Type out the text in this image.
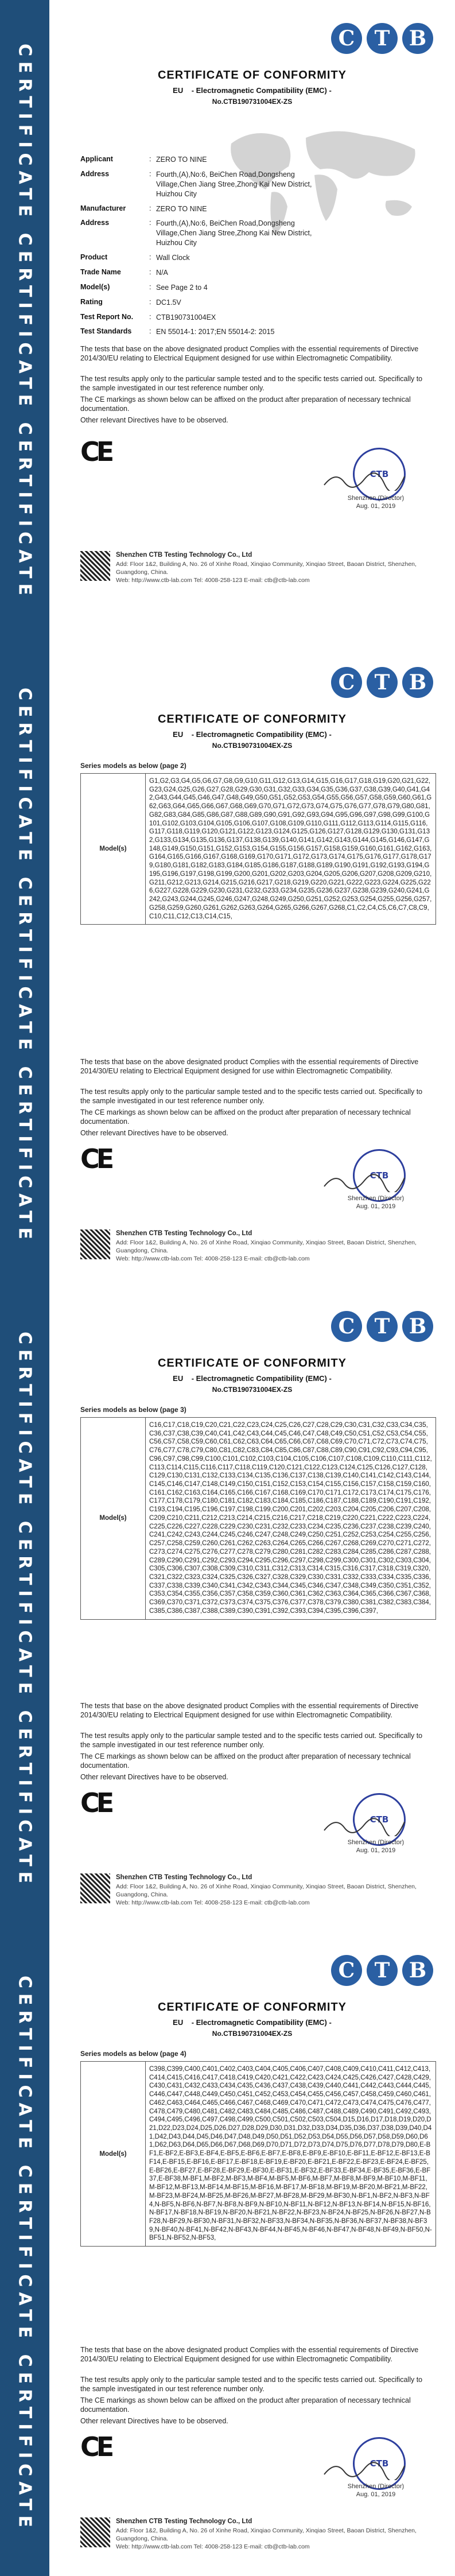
CERTIFICATE CERTIFICATE CERTIFICATE
C T B
CERTIFICATE OF CONFORMITY
EU - Electromagnetic Compatibility (EMC) -
No.CTB190731004EX-ZS
Applicant	: ZERO TO NINE
Address	: Fourth,(A),No:6, BeiChen Road,Dongsheng Village,Chen Jiang Stree,Zhong Kai New District, Huizhou City
Manufacturer	: ZERO TO NINE
Address	: Fourth,(A),No:6, BeiChen Road,Dongsheng Village,Chen Jiang Stree,Zhong Kai New District, Huizhou City
Product	: Wall Clock
Trade Name	: N/A
Model(s)	: See Page 2 to 4
Rating	: DC1.5V
Test Report No.	: CTB190731004EX
Test Standards	: EN 55014-1: 2017;EN 55014-2: 2015
The tests that base on the above designated product Complies with the essential requirements of Directive 2014/30/EU relating to Electrical Equipment designed for use within Electromagnetic Compatibility.
The test results apply only to the particular sample tested and to the specific tests carried out. Specifically to the sample investigated in our test reference number only.
The CE markings as shown below can be affixed on the product after preparation of necessary technical documentation.
Other relevant Directives have to be observed.
CE
CTB
Shenzhen (Director)
Aug. 01, 2019
Shenzhen CTB Testing Technology Co., Ltd
Add: Floor 1&2, Building A, No. 26 of Xinhe Road, Xinqiao Community, Xinqiao Street, Baoan District, Shenzhen, Guangdong, China.
Web: http://www.ctb-lab.com Tel: 4008-258-123 E-mail: ctb@ctb-lab.com
CERTIFICATE CERTIFICATE CERTIFICATE
C T B
CERTIFICATE OF CONFORMITY
EU - Electromagnetic Compatibility (EMC) -
No.CTB190731004EX-ZS
Series models as below (page 2)
Model(s)	G1,G2,G3,G4,G5,G6,G7,G8,G9,G10,G11,G12,G13,G14,G15,G16,G17,G18,G19,G20,G21,G22,G23,G24,G25,G26,G27,G28,G29,G30,G31,G32,G33,G34,G35,G36,G37,G38,G39,G40,G41,G42,G43,G44,G45,G46,G47,G48,G49,G50,G51,G52,G53,G54,G55,G56,G57,G58,G59,G60,G61,G62,G63,G64,G65,G66,G67,G68,G69,G70,G71,G72,G73,G74,G75,G76,G77,G78,G79,G80,G81,G82,G83,G84,G85,G86,G87,G88,G89,G90,G91,G92,G93,G94,G95,G96,G97,G98,G99,G100,G101,G102,G103,G104,G105,G106,G107,G108,G109,G110,G111,G112,G113,G114,G115,G116,G117,G118,G119,G120,G121,G122,G123,G124,G125,G126,G127,G128,G129,G130,G131,G132,G133,G134,G135,G136,G137,G138,G139,G140,G141,G142,G143,G144,G145,G146,G147,G148,G149,G150,G151,G152,G153,G154,G155,G156,G157,G158,G159,G160,G161,G162,G163,G164,G165,G166,G167,G168,G169,G170,G171,G172,G173,G174,G175,G176,G177,G178,G179,G180,G181,G182,G183,G184,G185,G186,G187,G188,G189,G190,G191,G192,G193,G194,G195,G196,G197,G198,G199,G200,G201,G202,G203,G204,G205,G206,G207,G208,G209,G210,G211,G212,G213,G214,G215,G216,G217,G218,G219,G220,G221,G222,G223,G224,G225,G226,G227,G228,G229,G230,G231,G232,G233,G234,G235,G236,G237,G238,G239,G240,G241,G242,G243,G244,G245,G246,G247,G248,G249,G250,G251,G252,G253,G254,G255,G256,G257,G258,G259,G260,G261,G262,G263,G264,G265,G266,G267,G268,C1,C2,C4,C5,C6,C7,C8,C9,C10,C11,C12,C13,C14,C15,
The tests that base on the above designated product Complies with the essential requirements of Directive 2014/30/EU relating to Electrical Equipment designed for use within Electromagnetic Compatibility.
The test results apply only to the particular sample tested and to the specific tests carried out. Specifically to the sample investigated in our test reference number only.
The CE markings as shown below can be affixed on the product after preparation of necessary technical documentation.
Other relevant Directives have to be observed.
CE
CTB
Shenzhen (Director)
Aug. 01, 2019
Shenzhen CTB Testing Technology Co., Ltd
Add: Floor 1&2, Building A, No. 26 of Xinhe Road, Xinqiao Community, Xinqiao Street, Baoan District, Shenzhen, Guangdong, China.
Web: http://www.ctb-lab.com Tel: 4008-258-123 E-mail: ctb@ctb-lab.com
CERTIFICATE CERTIFICATE CERTIFICATE
C T B
CERTIFICATE OF CONFORMITY
EU - Electromagnetic Compatibility (EMC) -
No.CTB190731004EX-ZS
Series models as below (page 3)
Model(s)	C16,C17,C18,C19,C20,C21,C22,C23,C24,C25,C26,C27,C28,C29,C30,C31,C32,C33,C34,C35,C36,C37,C38,C39,C40,C41,C42,C43,C44,C45,C46,C47,C48,C49,C50,C51,C52,C53,C54,C55,C56,C57,C58,C59,C60,C61,C62,C63,C64,C65,C66,C67,C68,C69,C70,C71,C72,C73,C74,C75,C76,C77,C78,C79,C80,C81,C82,C83,C84,C85,C86,C87,C88,C89,C90,C91,C92,C93,C94,C95,C96,C97,C98,C99,C100,C101,C102,C103,C104,C105,C106,C107,C108,C109,C110,C111,C112,C113,C114,C115,C116,C117,C118,C119,C120,C121,C122,C123,C124,C125,C126,C127,C128,C129,C130,C131,C132,C133,C134,C135,C136,C137,C138,C139,C140,C141,C142,C143,C144,C145,C146,C147,C148,C149,C150,C151,C152,C153,C154,C155,C156,C157,C158,C159,C160,C161,C162,C163,C164,C165,C166,C167,C168,C169,C170,C171,C172,C173,C174,C175,C176,C177,C178,C179,C180,C181,C182,C183,C184,C185,C186,C187,C188,C189,C190,C191,C192,C193,C194,C195,C196,C197,C198,C199,C200,C201,C202,C203,C204,C205,C206,C207,C208,C209,C210,C211,C212,C213,C214,C215,C216,C217,C218,C219,C220,C221,C222,C223,C224,C225,C226,C227,C228,C229,C230,C231,C232,C233,C234,C235,C236,C237,C238,C239,C240,C241,C242,C243,C244,C245,C246,C247,C248,C249,C250,C251,C252,C253,C254,C255,C256,C257,C258,C259,C260,C261,C262,C263,C264,C265,C266,C267,C268,C269,C270,C271,C272,C273,C274,C275,C276,C277,C278,C279,C280,C281,C282,C283,C284,C285,C286,C287,C288,C289,C290,C291,C292,C293,C294,C295,C296,C297,C298,C299,C300,C301,C302,C303,C304,C305,C306,C307,C308,C309,C310,C311,C312,C313,C314,C315,C316,C317,C318,C319,C320,C321,C322,C323,C324,C325,C326,C327,C328,C329,C330,C331,C332,C333,C334,C335,C336,C337,C338,C339,C340,C341,C342,C343,C344,C345,C346,C347,C348,C349,C350,C351,C352,C353,C354,C355,C356,C357,C358,C359,C360,C361,C362,C363,C364,C365,C366,C367,C368,C369,C370,C371,C372,C373,C374,C375,C376,C377,C378,C379,C380,C381,C382,C383,C384,C385,C386,C387,C388,C389,C390,C391,C392,C393,C394,C395,C396,C397,
The tests that base on the above designated product Complies with the essential requirements of Directive 2014/30/EU relating to Electrical Equipment designed for use within Electromagnetic Compatibility.
The test results apply only to the particular sample tested and to the specific tests carried out. Specifically to the sample investigated in our test reference number only.
The CE markings as shown below can be affixed on the product after preparation of necessary technical documentation.
Other relevant Directives have to be observed.
CE
CTB
Shenzhen (Director)
Aug. 01, 2019
Shenzhen CTB Testing Technology Co., Ltd
Add: Floor 1&2, Building A, No. 26 of Xinhe Road, Xinqiao Community, Xinqiao Street, Baoan District, Shenzhen, Guangdong, China.
Web: http://www.ctb-lab.com Tel: 4008-258-123 E-mail: ctb@ctb-lab.com
CERTIFICATE CERTIFICATE CERTIFICATE
C T B
CERTIFICATE OF CONFORMITY
EU - Electromagnetic Compatibility (EMC) -
No.CTB190731004EX-ZS
Series models as below (page 4)
Model(s)	C398,C399,C400,C401,C402,C403,C404,C405,C406,C407,C408,C409,C410,C411,C412,C413,C414,C415,C416,C417,C418,C419,C420,C421,C422,C423,C424,C425,C426,C427,C428,C429,C430,C431,C432,C433,C434,C435,C436,C437,C438,C439,C440,C441,C442,C443,C444,C445,C446,C447,C448,C449,C450,C451,C452,C453,C454,C455,C456,C457,C458,C459,C460,C461,C462,C463,C464,C465,C466,C467,C468,C469,C470,C471,C472,C473,C474,C475,C476,C477,C478,C479,C480,C481,C482,C483,C484,C485,C486,C487,C488,C489,C490,C491,C492,C493,C494,C495,C496,C497,C498,C499,C500,C501,C502,C503,C504,D15,D16,D17,D18,D19,D20,D21,D22,D23,D24,D25,D26,D27,D28,D29,D30,D31,D32,D33,D34,D35,D36,D37,D38,D39,D40,D41,D42,D43,D44,D45,D46,D47,D48,D49,D50,D51,D52,D53,D54,D55,D56,D57,D58,D59,D60,D61,D62,D63,D64,D65,D66,D67,D68,D69,D70,D71,D72,D73,D74,D75,D76,D77,D78,D79,D80,E-BF1,E-BF2,E-BF3,E-BF4,E-BF5,E-BF6,E-BF7,E-BF8,E-BF9,E-BF10,E-BF11,E-BF12,E-BF13,E-BF14,E-BF15,E-BF16,E-BF17,E-BF18,E-BF19,E-BF20,E-BF21,E-BF22,E-BF23,E-BF24,E-BF25,E-BF26,E-BF27,E-BF28,E-BF29,E-BF30,E-BF31,E-BF32,E-BF33,E-BF34,E-BF35,E-BF36,E-BF37,E-BF38,M-BF1,M-BF2,M-BF3,M-BF4,M-BF5,M-BF6,M-BF7,M-BF8,M-BF9,M-BF10,M-BF11,M-BF12,M-BF13,M-BF14,M-BF15,M-BF16,M-BF17,M-BF18,M-BF19,M-BF20,M-BF21,M-BF22,M-BF23,M-BF24,M-BF25,M-BF26,M-BF27,M-BF28,M-BF29,M-BF30,N-BF1,N-BF2,N-BF3,N-BF4,N-BF5,N-BF6,N-BF7,N-BF8,N-BF9,N-BF10,N-BF11,N-BF12,N-BF13,N-BF14,N-BF15,N-BF16,N-BF17,N-BF18,N-BF19,N-BF20,N-BF21,N-BF22,N-BF23,N-BF24,N-BF25,N-BF26,N-BF27,N-BF28,N-BF29,N-BF30,N-BF31,N-BF32,N-BF33,N-BF34,N-BF35,N-BF36,N-BF37,N-BF38,N-BF39,N-BF40,N-BF41,N-BF42,N-BF43,N-BF44,N-BF45,N-BF46,N-BF47,N-BF48,N-BF49,N-BF50,N-BF51,N-BF52,N-BF53,
The tests that base on the above designated product Complies with the essential requirements of Directive 2014/30/EU relating to Electrical Equipment designed for use within Electromagnetic Compatibility.
The test results apply only to the particular sample tested and to the specific tests carried out. Specifically to the sample investigated in our test reference number only.
The CE markings as shown below can be affixed on the product after preparation of necessary technical documentation.
Other relevant Directives have to be observed.
CE
CTB
Shenzhen (Director)
Aug. 01, 2019
Shenzhen CTB Testing Technology Co., Ltd
Add: Floor 1&2, Building A, No. 26 of Xinhe Road, Xinqiao Community, Xinqiao Street, Baoan District, Shenzhen, Guangdong, China.
Web: http://www.ctb-lab.com Tel: 4008-258-123 E-mail: ctb@ctb-lab.com
